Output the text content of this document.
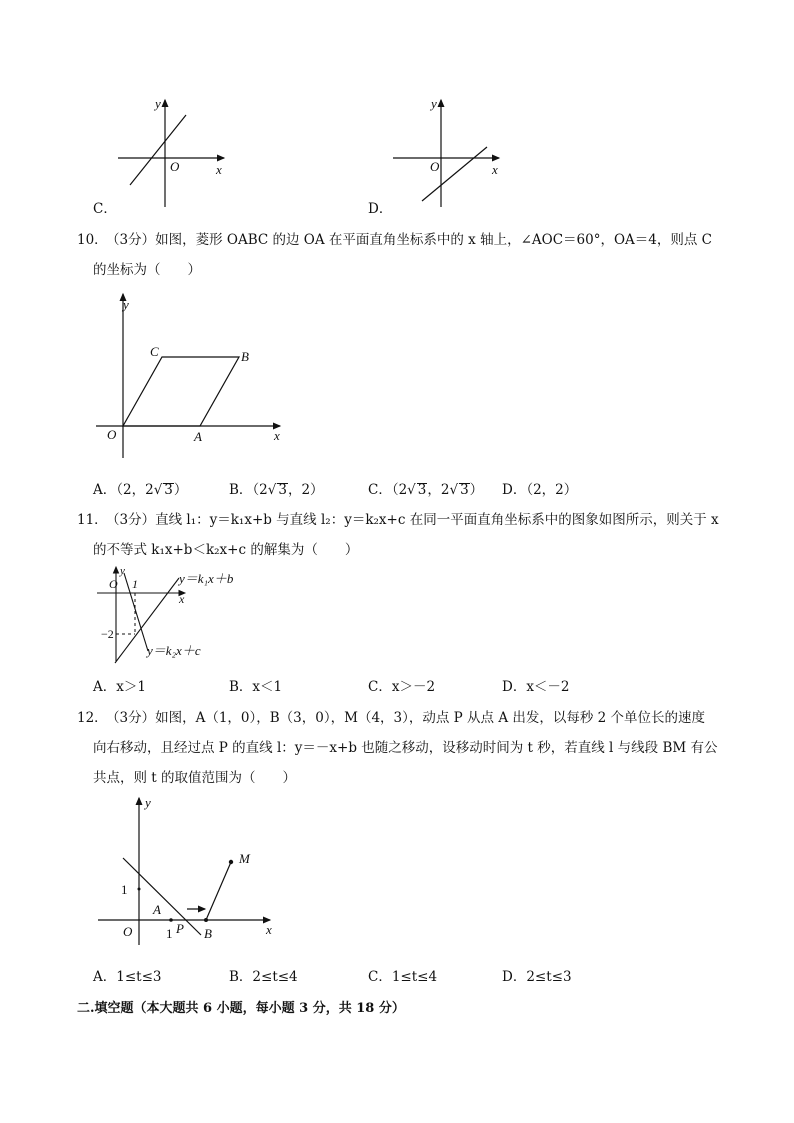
y
x
O
C．
y
x
O
D．
10．
（3分）如图，菱形 OABC 的边 OA 在平面直角坐标系中的 x 轴上，∠AOC＝60°，OA＝4，则点 C
的坐标为（　　）
y
x
O	A
B
C
A．（2，2√ 3）	B．（2√ 3，2）	C．（2√ 3，2√ 3） D．（2，2）
11．
（3分）直线 l₁：y＝k₁x+b 与直线 l₂：y＝k₂x+c 在同一平面直角坐标系中的图象如图所示，则关于 x
的不等式 k₁x+b＜k₂x+c 的解集为（　　）
O 1
y
x
−2
y＝k₁x＋b
y＝k₂x＋c
A．x＞1	B．x＜1	C．x＞－2	D．x＜－2
12．
（3分）如图，A（1，0），B（3，0），M（4，3），动点 P 从点 A 出发，以每秒 2 个单位长的速度
向右移动，且经过点 P 的直线 l：y＝－x+b 也随之移动，设移动时间为 t 秒，若直线 l 与线段 BM 有公
共点，则 t 的取值范围为（　　）
y
x
O
1
1
A
P B
M
A．1≤t≤3	B．2≤t≤4	C．1≤t≤4	D．2≤t≤3
二.填空题（本大题共 6 小题，每小题 3 分，共 18 分）
